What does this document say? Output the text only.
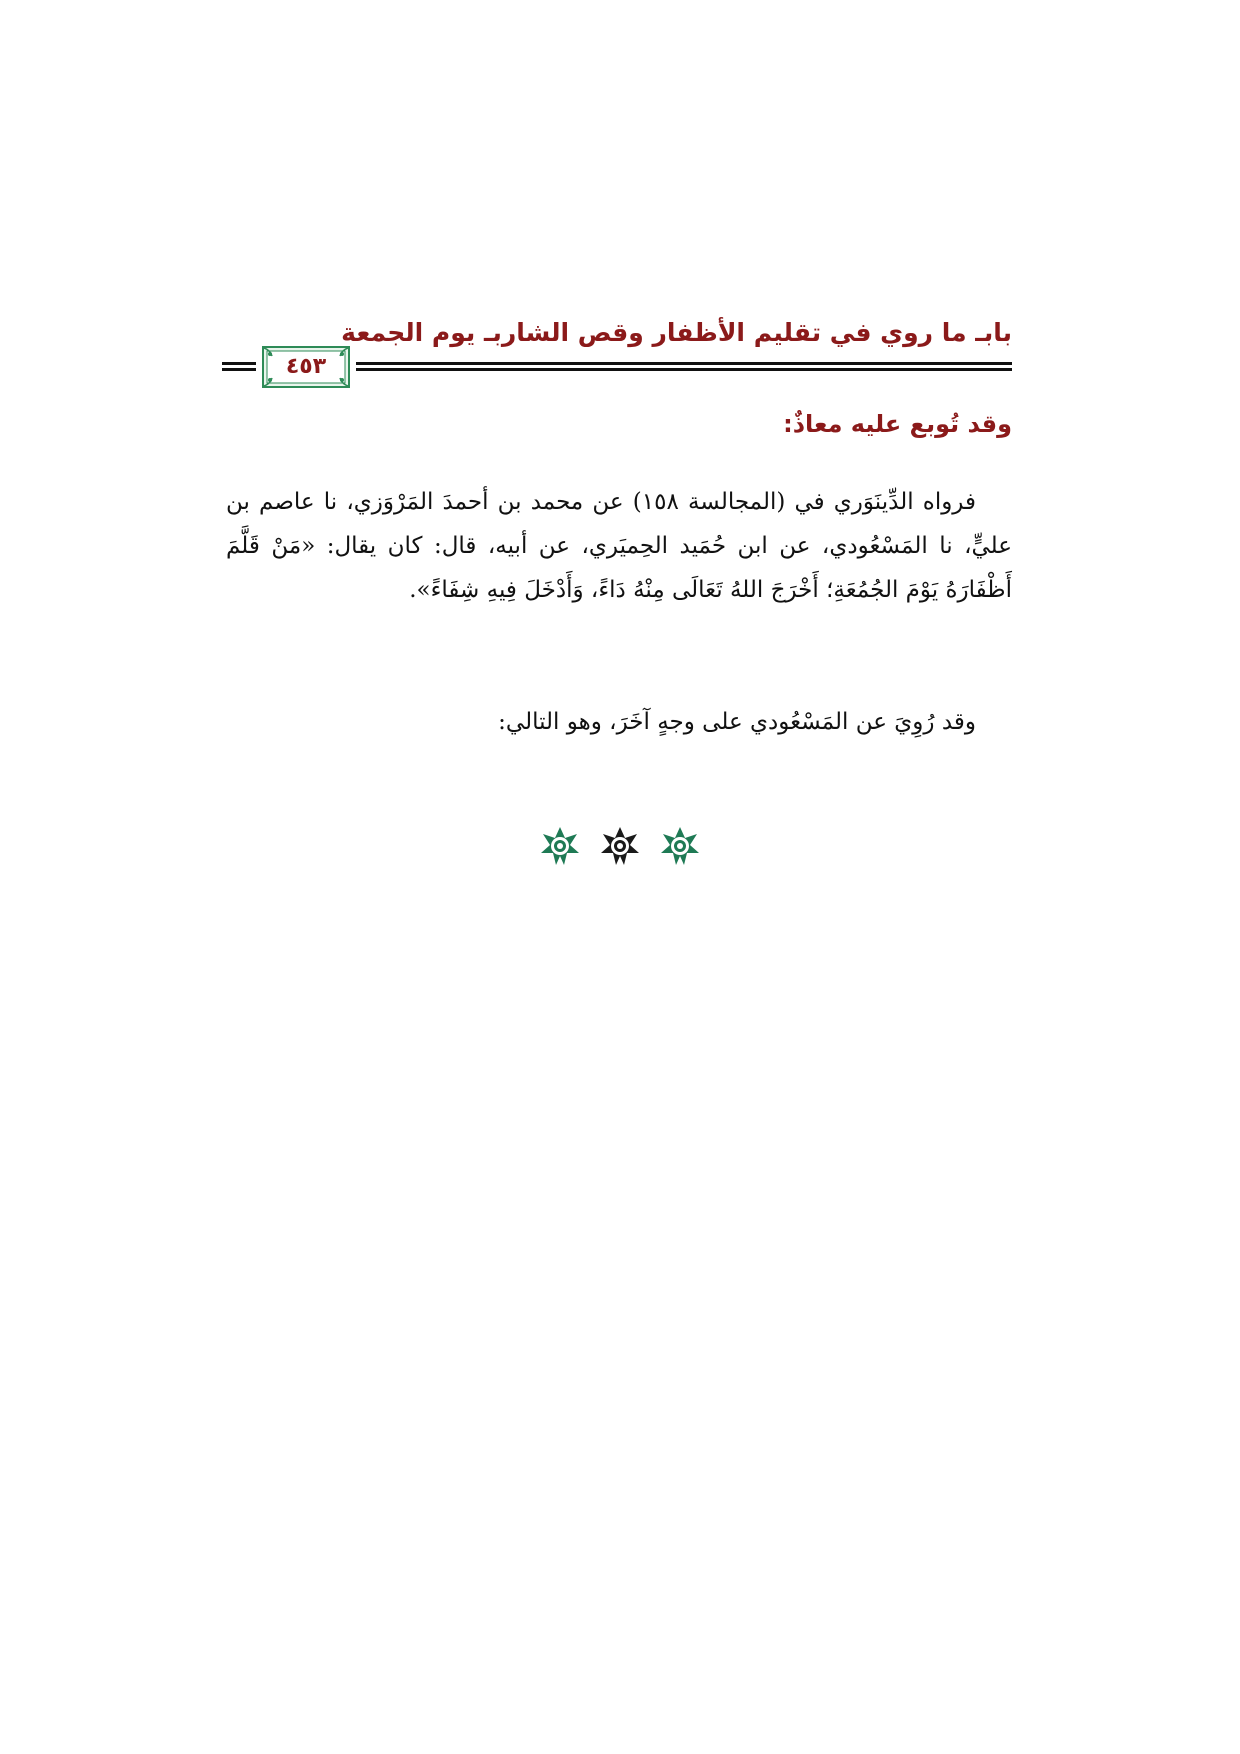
بابـ ما روي في تقليم الأظفار وقص الشاربـ يوم الجمعة
٤٥٣
وقد تُوبع عليه معاذٌ:
فرواه الدِّينَوَري في (المجالسة ١٥٨) عن محمد بن أحمدَ المَرْوَزي، نا عاصم بن عليٍّ، نا المَسْعُودي، عن ابن حُمَيد الحِميَري، عن أبيه، قال: كان يقال: «مَنْ قَلَّمَ أَظْفَارَهُ يَوْمَ الجُمُعَةِ؛ أَخْرَجَ اللهُ تَعَالَى مِنْهُ دَاءً، وَأَدْخَلَ فِيهِ شِفَاءً».
وقد رُوِيَ عن المَسْعُودي على وجهٍ آخَرَ، وهو التالي:
